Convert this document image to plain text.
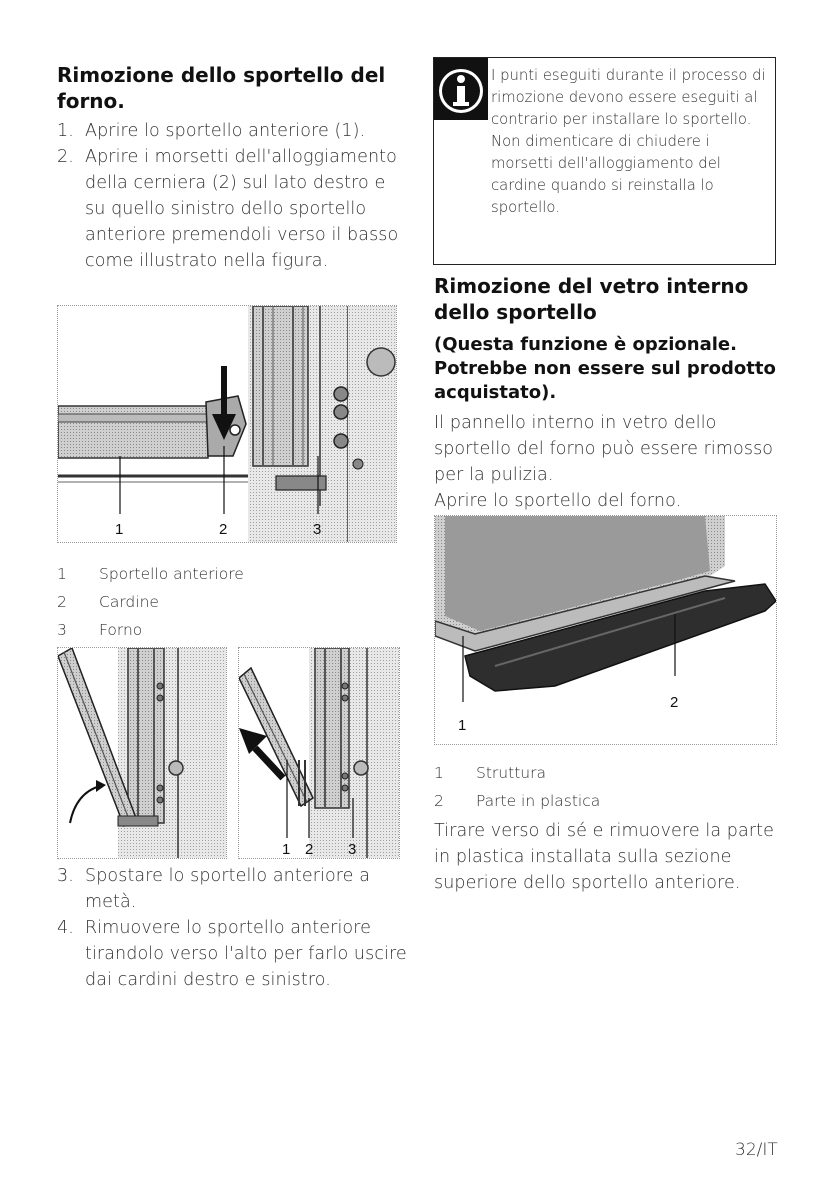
Rimozione dello sportello del forno.
1. Aprire lo sportello anteriore (1).
2. Aprire i morsetti dell'alloggiamento della cerniera (2) sul lato destro e su quello sinistro dello sportello anteriore premendoli verso il basso come illustrato nella figura.
1	2	3
1 Sportello anteriore
2 Cardine
3 Forno
1 2 3
3. Spostare lo sportello anteriore a metà.
4. Rimuovere lo sportello anteriore tirandolo verso l'alto per farlo uscire dai cardini destro e sinistro.
I punti eseguiti durante il processo di rimozione devono essere eseguiti al contrario per installare lo sportello. Non dimenticare di chiudere i morsetti dell'alloggiamento del cardine quando si reinstalla lo sportello.
Rimozione del vetro interno dello sportello
(Questa funzione è opzionale. Potrebbe non essere sul prodotto acquistato).
Il pannello interno in vetro dello sportello del forno può essere rimosso per la pulizia.
Aprire lo sportello del forno.
1
2
1 Struttura
2 Parte in plastica
Tirare verso di sé e rimuovere la parte in plastica installata sulla sezione superiore dello sportello anteriore.
32/IT
